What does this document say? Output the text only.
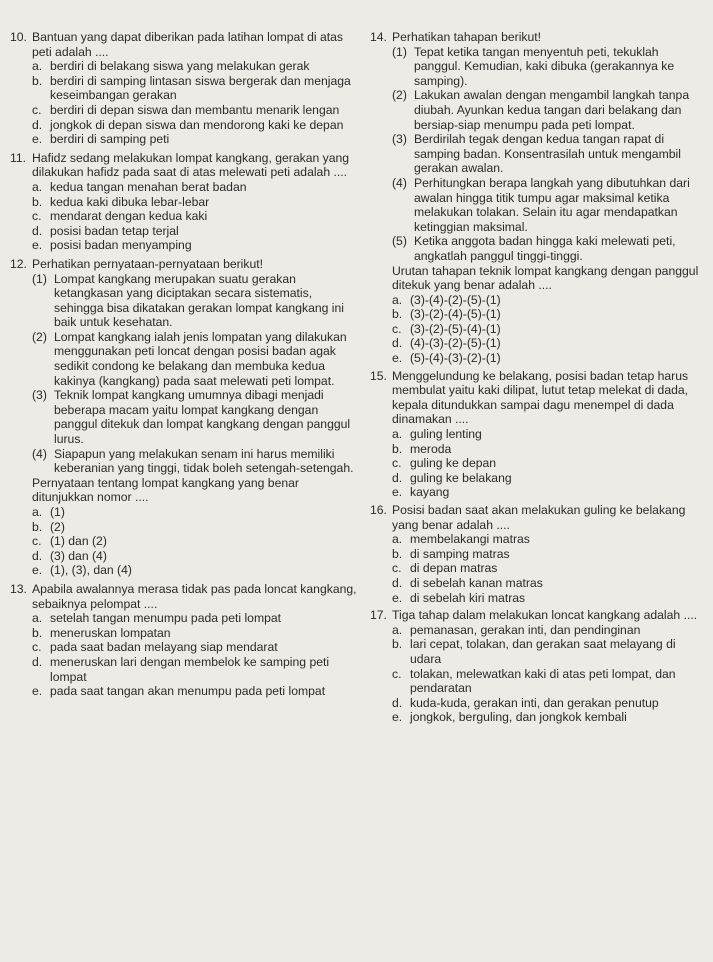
10. Bantuan yang dapat diberikan pada latihan lompat di atas peti adalah ....
a. berdiri di belakang siswa yang melakukan gerak
b. berdiri di samping lintasan siswa bergerak dan menjaga keseimbangan gerakan
c. berdiri di depan siswa dan membantu menarik lengan
d. jongkok di depan siswa dan mendorong kaki ke depan
e. berdiri di samping peti
11. Hafidz sedang melakukan lompat kangkang, gerakan yang dilakukan hafidz pada saat di atas melewati peti adalah ....
a. kedua tangan menahan berat badan
b. kedua kaki dibuka lebar-lebar
c. mendarat dengan kedua kaki
d. posisi badan tetap terjal
e. posisi badan menyamping
12. Perhatikan pernyataan-pernyataan berikut!
(1) Lompat kangkang merupakan suatu gerakan ketangkasan yang diciptakan secara sistematis, sehingga bisa dikatakan gerakan lompat kangkang ini baik untuk kesehatan.
(2) Lompat kangkang ialah jenis lompatan yang dilakukan menggunakan peti loncat dengan posisi badan agak sedikit condong ke belakang dan membuka kedua kakinya (kangkang) pada saat melewati peti lompat.
(3) Teknik lompat kangkang umumnya dibagi menjadi beberapa macam yaitu lompat kangkang dengan panggul ditekuk dan lompat kangkang dengan panggul lurus.
(4) Siapapun yang melakukan senam ini harus memiliki keberanian yang tinggi, tidak boleh setengah-setengah.
Pernyataan tentang lompat kangkang yang benar ditunjukkan nomor ....
a. (1)
b. (2)
c. (1) dan (2)
d. (3) dan (4)
e. (1), (3), dan (4)
13. Apabila awalannya merasa tidak pas pada loncat kangkang, sebaiknya pelompat ....
a. setelah tangan menumpu pada peti lompat
b. meneruskan lompatan
c. pada saat badan melayang siap mendarat
d. meneruskan lari dengan membelok ke samping peti lompat
e. pada saat tangan akan menumpu pada peti lompat
14. Perhatikan tahapan berikut!
(1) Tepat ketika tangan menyentuh peti, tekuklah panggul. Kemudian, kaki dibuka (gerakannya ke samping).
(2) Lakukan awalan dengan mengambil langkah tanpa diubah. Ayunkan kedua tangan dari belakang dan bersiap-siap menumpu pada peti lompat.
(3) Berdirilah tegak dengan kedua tangan rapat di samping badan. Konsentrasilah untuk mengambil gerakan awalan.
(4) Perhitungkan berapa langkah yang dibutuhkan dari awalan hingga titik tumpu agar maksimal ketika melakukan tolakan. Selain itu agar mendapatkan ketinggian maksimal.
(5) Ketika anggota badan hingga kaki melewati peti, angkatlah panggul tinggi-tinggi.
Urutan tahapan teknik lompat kangkang dengan panggul ditekuk yang benar adalah ....
a. (3)-(4)-(2)-(5)-(1)
b. (3)-(2)-(4)-(5)-(1)
c. (3)-(2)-(5)-(4)-(1)
d. (4)-(3)-(2)-(5)-(1)
e. (5)-(4)-(3)-(2)-(1)
15. Menggelundung ke belakang, posisi badan tetap harus membulat yaitu kaki dilipat, lutut tetap melekat di dada, kepala ditundukkan sampai dagu menempel di dada dinamakan ....
a. guling lenting
b. meroda
c. guling ke depan
d. guling ke belakang
e. kayang
16. Posisi badan saat akan melakukan guling ke belakang yang benar adalah ....
a. membelakangi matras
b. di samping matras
c. di depan matras
d. di sebelah kanan matras
e. di sebelah kiri matras
17. Tiga tahap dalam melakukan loncat kangkang adalah ....
a. pemanasan, gerakan inti, dan pendinginan
b. lari cepat, tolakan, dan gerakan saat melayang di udara
c. tolakan, melewatkan kaki di atas peti lompat, dan pendaratan
d. kuda-kuda, gerakan inti, dan gerakan penutup
e. jongkok, berguling, dan jongkok kembali
